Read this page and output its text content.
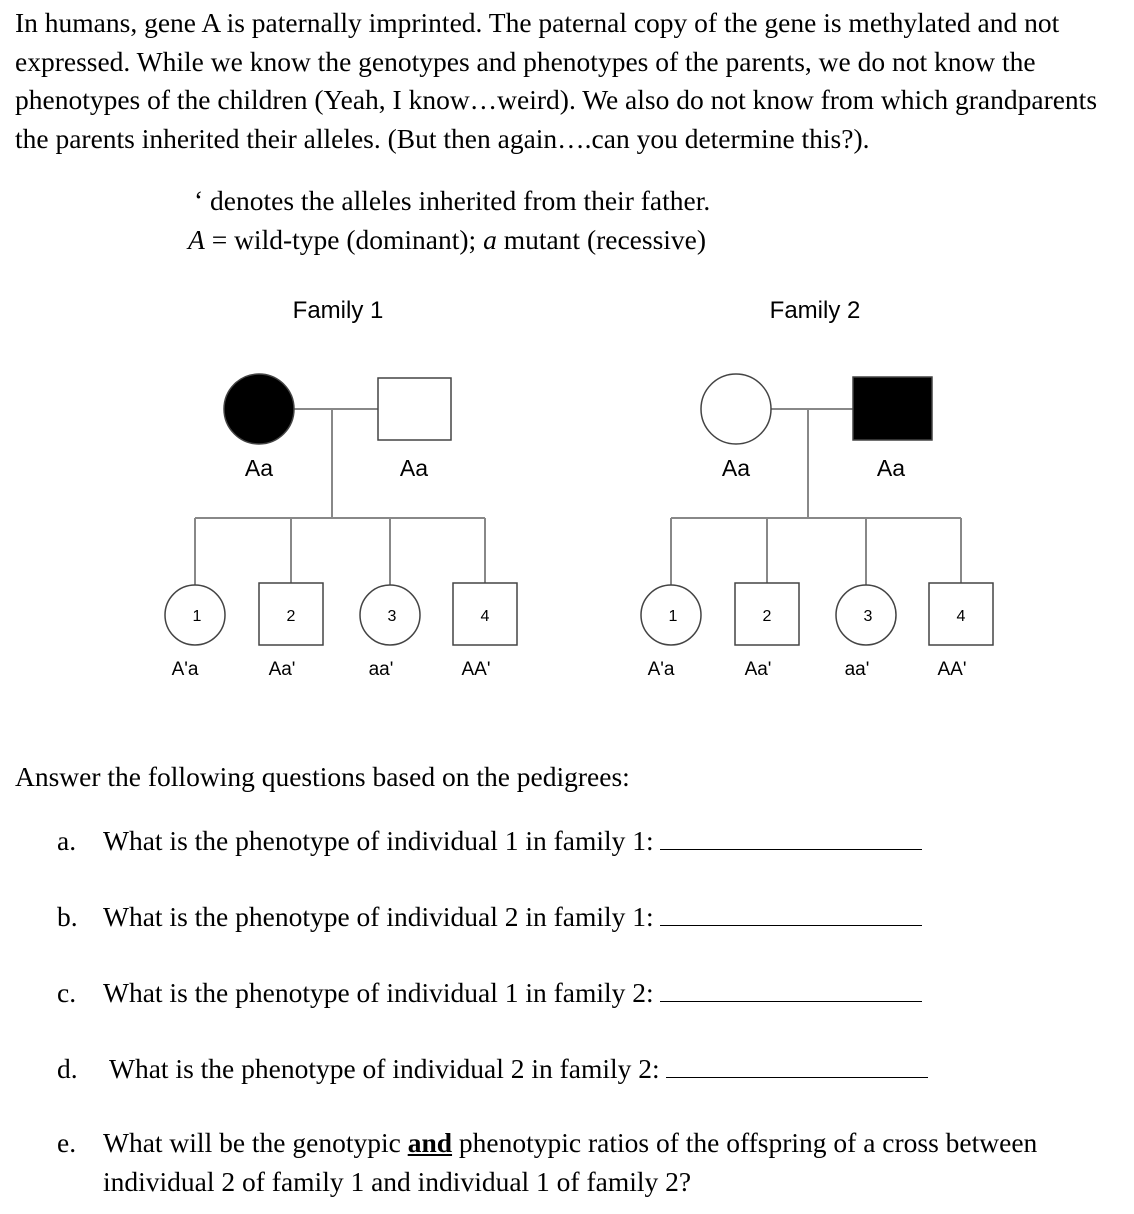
In humans, gene A is paternally imprinted. The paternal copy of the gene is methylated and not expressed. While we know the genotypes and phenotypes of the parents, we do not know the phenotypes of the children (Yeah, I know…weird). We also do not know from which grandparents the parents inherited their alleles. (But then again….can you determine this?).

‘ denotes the alleles inherited from their father.
A = wild-type (dominant); a mutant (recessive)
Family 1
Aa	Aa
1
A'a
2
Aa'
3
aa'
4
AA'
Family 2
Aa	Aa
1
A'a
2
Aa'
3
aa'
4
AA'
Answer the following questions based on the pedigrees:
a. What is the phenotype of individual 1 in family 1:
b. What is the phenotype of individual 2 in family 1:
c. What is the phenotype of individual 1 in family 2:
d. What is the phenotype of individual 2 in family 2:
e. What will be the genotypic and phenotypic ratios of the offspring of a cross between individual 2 of family 1 and individual 1 of family 2?
